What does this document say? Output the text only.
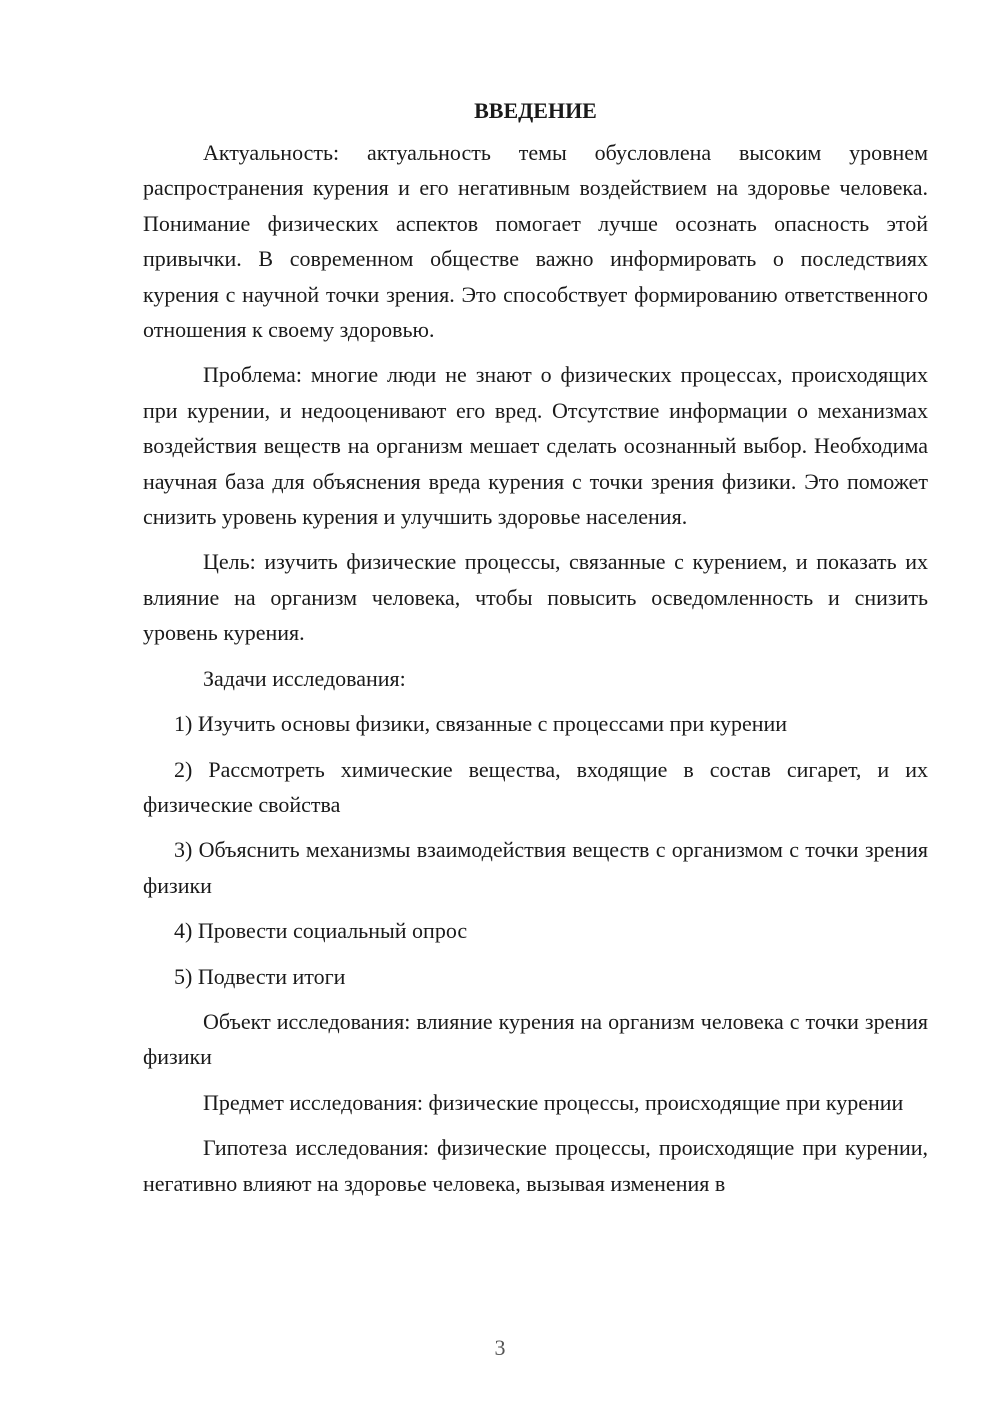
ВВЕДЕНИЕ

Актуальность: актуальность темы обусловлена высоким уровнем распространения курения и его негативным воздействием на здоровье человека. Понимание физических аспектов помогает лучше осознать опасность этой привычки. В современном обществе важно информировать о последствиях курения с научной точки зрения. Это способствует формированию ответственного отношения к своему здоровью.

Проблема: многие люди не знают о физических процессах, происходящих при курении, и недооценивают его вред. Отсутствие информации о механизмах воздействия веществ на организм мешает сделать осознанный выбор. Необходима научная база для объяснения вреда курения с точки зрения физики. Это поможет снизить уровень курения и улучшить здоровье населения.

Цель: изучить физические процессы, связанные с курением, и показать их влияние на организм человека, чтобы повысить осведомленность и снизить уровень курения.

Задачи исследования:

1) Изучить основы физики, связанные с процессами при курении

2) Рассмотреть химические вещества, входящие в состав сигарет, и их физические свойства

3) Объяснить механизмы взаимодействия веществ с организмом с точки зрения физики

4) Провести социальный опрос

5) Подвести итоги

Объект исследования: влияние курения на организм человека с точки зрения физики

Предмет исследования: физические процессы, происходящие при курении

Гипотеза исследования: физические процессы, происходящие при курении, негативно влияют на здоровье человека, вызывая изменения в

3
